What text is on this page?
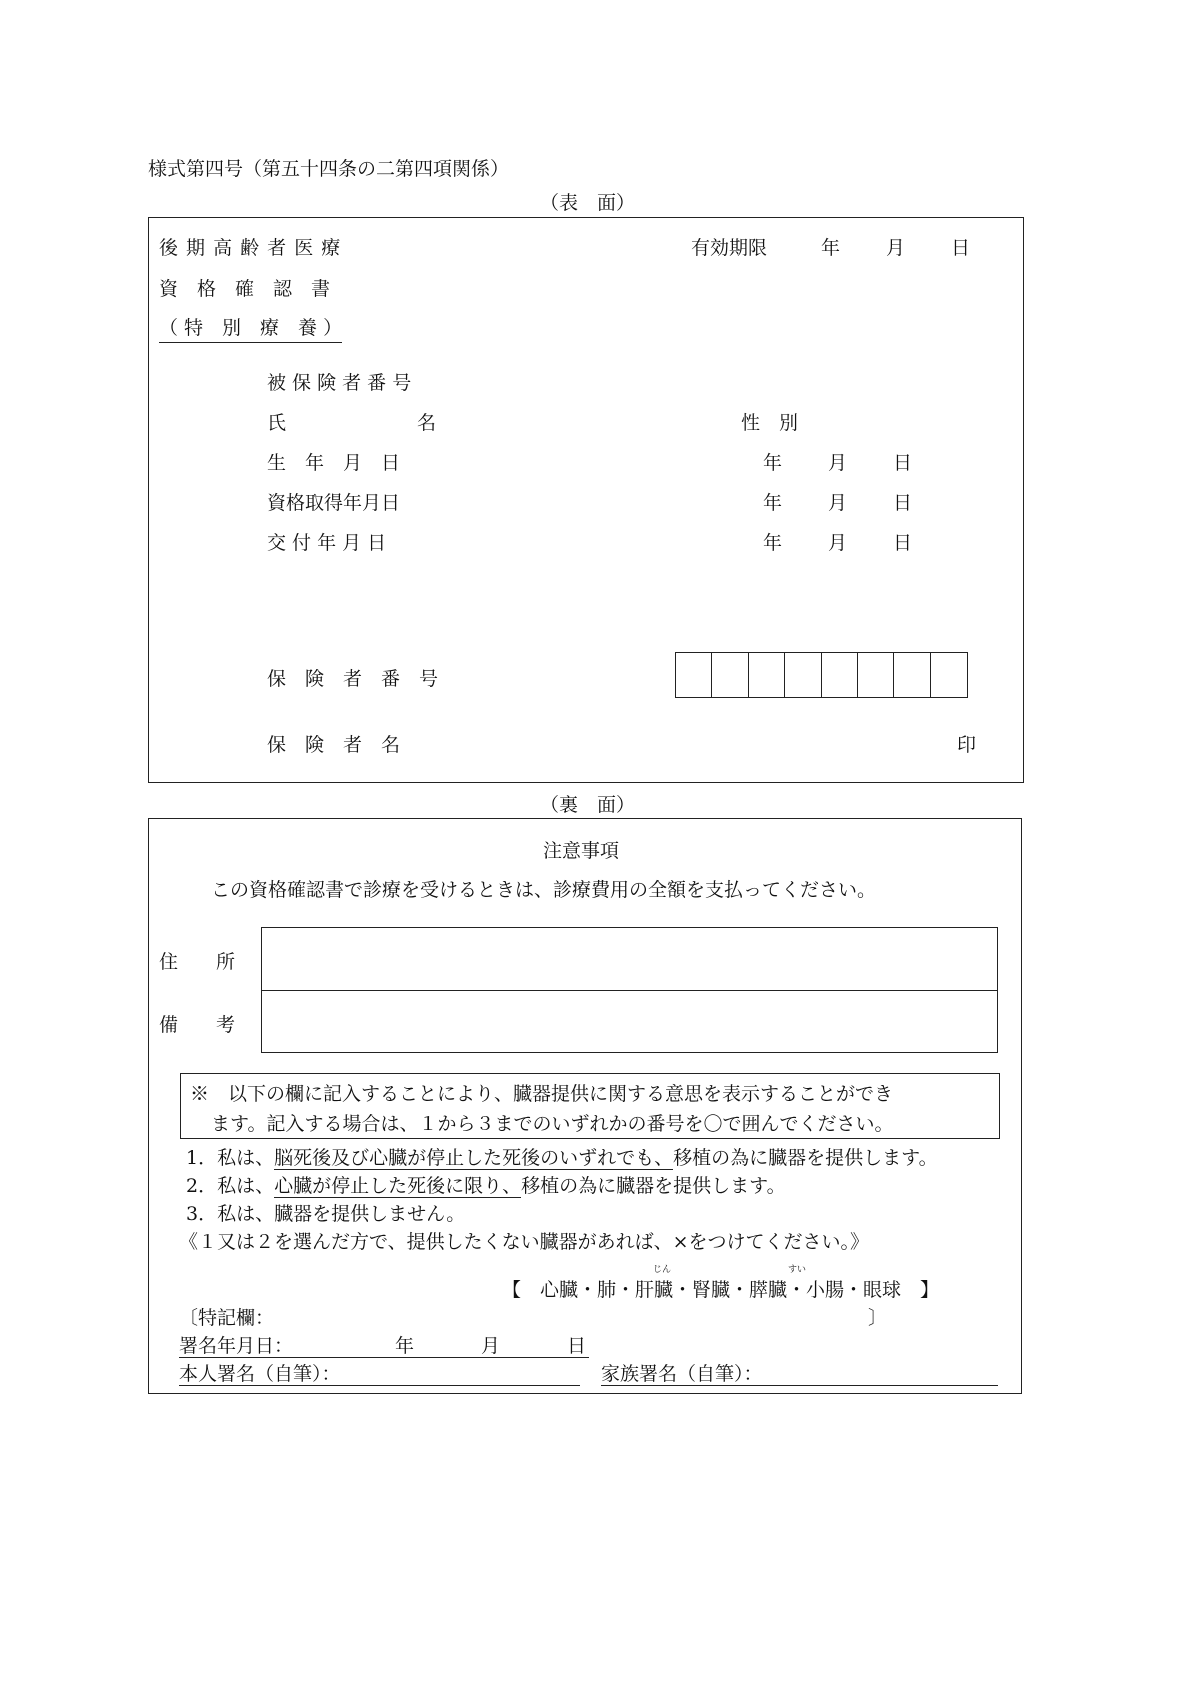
様式第四号（第五十四条の二第四項関係）
（表　面）
後 期 高 齢 者 医 療
資　格　確　認　書
（ 特　別　療　養 ）
有効期限	年 月 日
被 保 険 者 番 号
氏	名	性　別
生　年　月　日	年 月 日
資格取得年月日	年 月 日
交 付 年 月 日	年 月 日
保　険　者　番　号
保　険　者　名	印
（裏　面）
注意事項
この資格確認書で診療を受けるときは、診療費用の全額を支払ってください。
住　　所
備　　考
※　以下の欄に記入することにより、臓器提供に関する意思を表示することができ
ます。記入する場合は、１から３までのいずれかの番号を〇で囲んでください。
1．私は、脳死後及び心臓が停止した死後のいずれでも、移植の為に臓器を提供します。
2．私は、心臓が停止した死後に限り、移植の為に臓器を提供します。
3．私は、臓器を提供しません。
《１又は２を選んだ方で、提供したくない臓器があれば、×をつけてください。》
じん	すい
【　心臓・肺・肝臓・腎臓・膵臓・小腸・眼球　】
〔特記欄：	〕
署名年月日：	年	月	日
本人署名（自筆）：	家族署名（自筆）：
